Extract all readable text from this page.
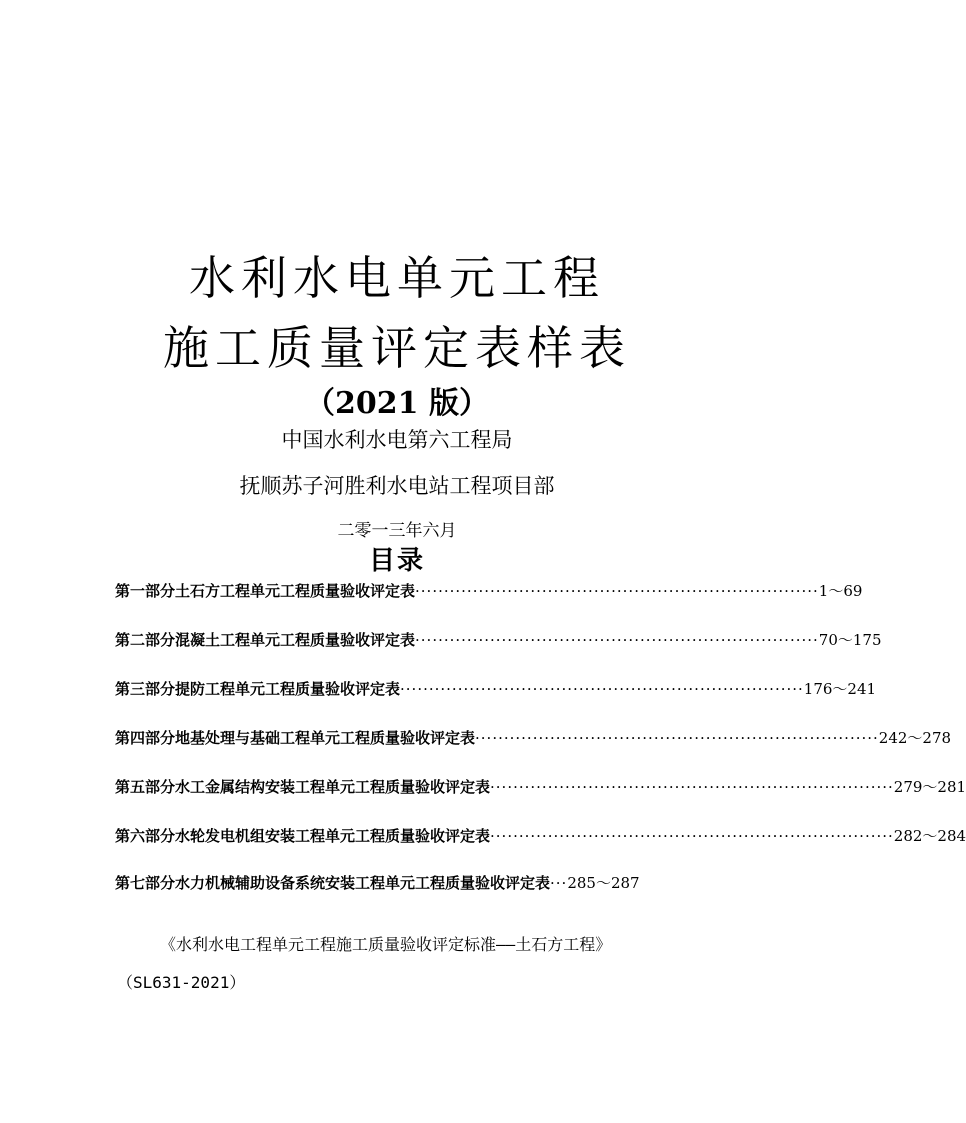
水利水电单元工程
施工质量评定表样表
（2021 版）
中国水利水电第六工程局
抚顺苏子河胜利水电站工程项目部
二零一三年六月
目录
第一部分土石方工程单元工程质量验收评定表 ······································································ 1～69
第二部分混凝土工程单元工程质量验收评定表 ······································································ 70～175
第三部分提防工程单元工程质量验收评定表 ······································································ 176～241
第四部分地基处理与基础工程单元工程质量验收评定表 ······································································ 242～278
第五部分水工金属结构安装工程单元工程质量验收评定表 ······································································ 279～281
第六部分水轮发电机组安装工程单元工程质量验收评定表 ······································································ 282～284
第七部分水力机械辅助设备系统安装工程单元工程质量验收评定表 ··· 285～287
《水利水电工程单元工程施工质量验收评定标准——土石方工程》
（SL631-2021）
